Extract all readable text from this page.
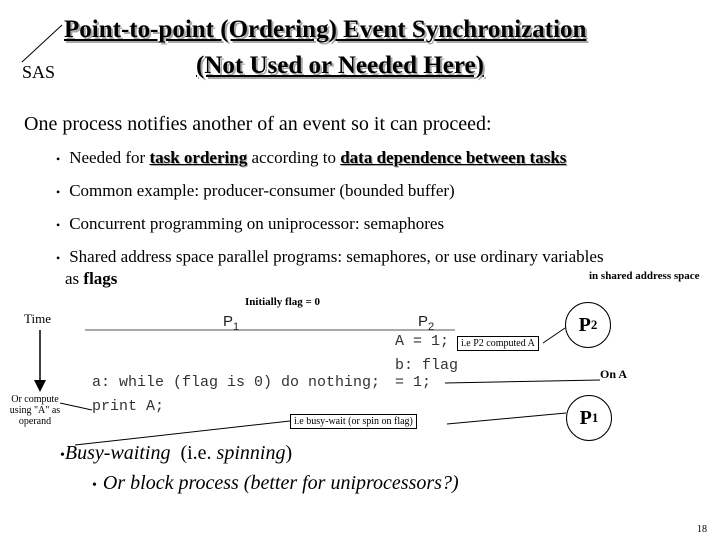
Point-to-point (Ordering) Event Synchronization
(Not Used or Needed Here)
SAS
One process notifies another of an event so it can proceed:
• Needed for task ordering according to data dependence between tasks
• Common example: producer-consumer (bounded buffer)
• Concurrent programming on uniprocessor: semaphores
• Shared address space parallel programs: semaphores, or use ordinary variables
as flags	in shared address space
Initially flag = 0
Time	$P_1$	$P_2$
A = 1;
b: flag
= 1;
a: while (flag is 0) do nothing;
print A;
i.e P2 computed A
i.e busy-wait (or spin on flag)
Or compute
using "A" as
operand
P 2
On A
P 1
•Busy-waiting (i.e. spinning)
• Or block process (better for uniprocessors?)
18
